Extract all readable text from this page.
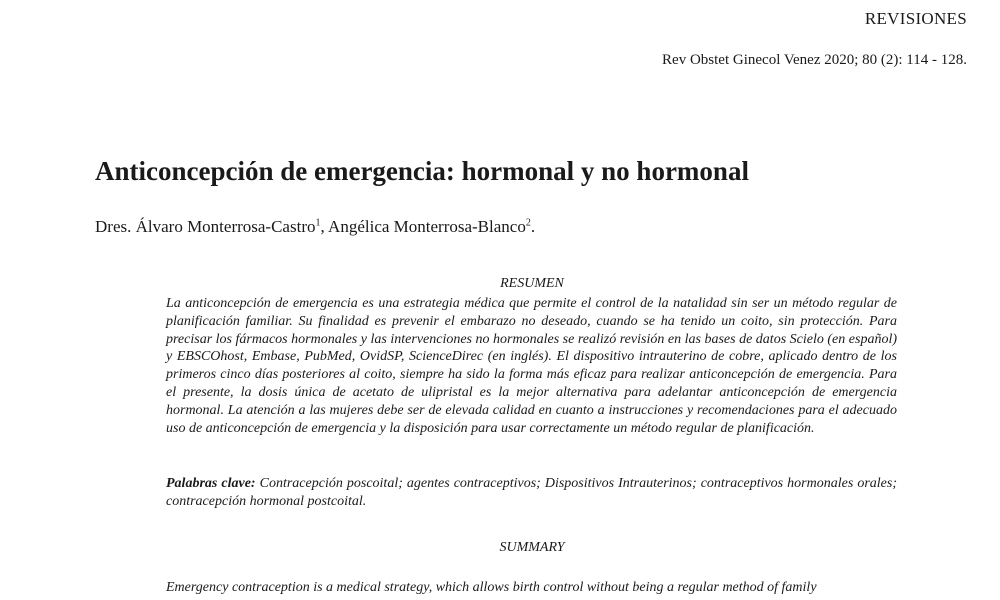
REVISIONES
Rev Obstet Ginecol Venez 2020; 80 (2): 114 - 128.
Anticoncepción de emergencia: hormonal y no hormonal
Dres. Álvaro Monterrosa-Castro$^1$, Angélica Monterrosa-Blanco$^2$.
RESUMEN

La anticoncepción de emergencia es una estrategia médica que permite el control de la natalidad sin ser un método regular de planificación familiar. Su finalidad es prevenir el embarazo no deseado, cuando se ha tenido un coito, sin protección. Para precisar los fármacos hormonales y las intervenciones no hormonales se realizó revisión en las bases de datos Scielo (en español) y EBSCOhost, Embase, PubMed, OvidSP, ScienceDirec (en inglés). El dispositivo intrauterino de cobre, aplicado dentro de los primeros cinco días posteriores al coito, siempre ha sido la forma más eficaz para realizar anticoncepción de emergencia. Para el presente, la dosis única de acetato de ulipristal es la mejor alternativa para adelantar anticoncepción de emergencia hormonal. La atención a las mujeres debe ser de elevada calidad en cuanto a instrucciones y recomendaciones para el adecuado uso de anticoncepción de emergencia y la disposición para usar correctamente un método regular de planificación.

Palabras clave: Contracepción poscoital; agentes contraceptivos; Dispositivos Intrauterinos; contraceptivos hormonales orales; contracepción hormonal postcoital.

SUMMARY

Emergency contraception is a medical strategy, which allows birth control without being a regular method of family
